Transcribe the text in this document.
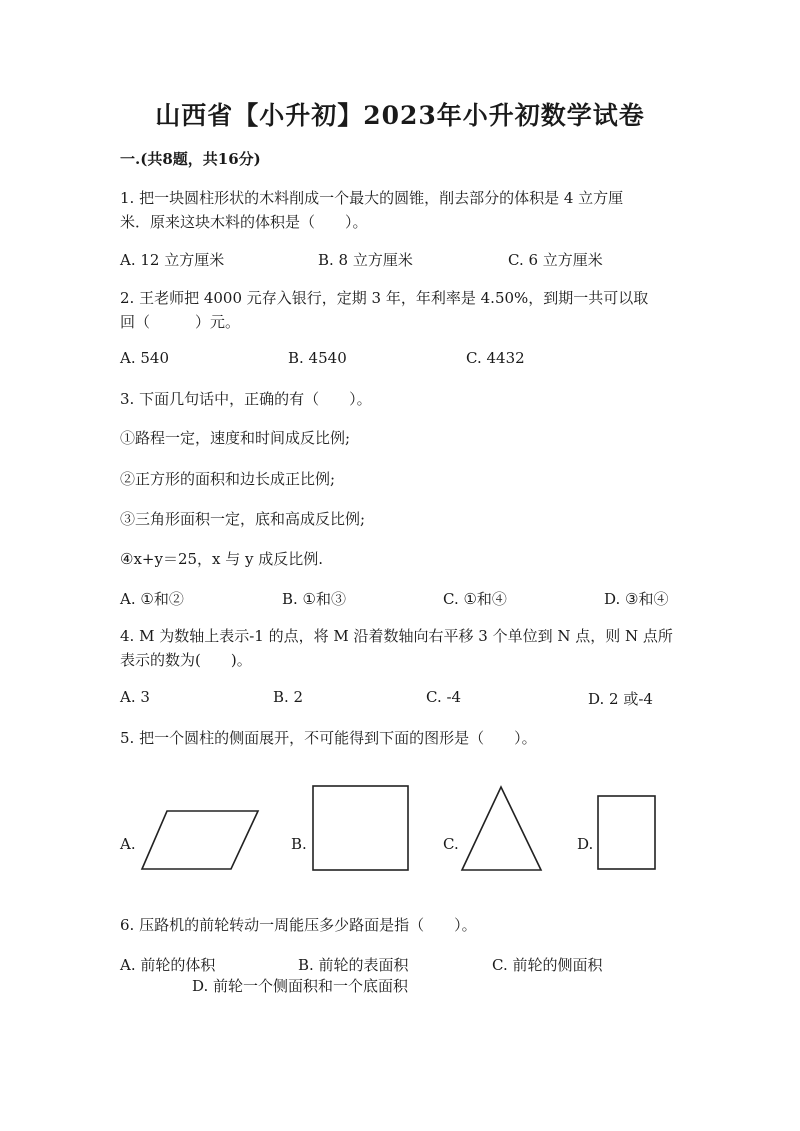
山西省【小升初】2023年小升初数学试卷
一.(共8题，共16分)
1. 把一块圆柱形状的木料削成一个最大的圆锥，削去部分的体积是 4 立方厘
米．原来这块木料的体积是（　　）。
A. 12 立方厘米	B. 8 立方厘米	C. 6 立方厘米
2. 王老师把 4000 元存入银行，定期 3 年，年利率是 4.50%，到期一共可以取
回（　　　）元。
A. 540	B. 4540	C. 4432
3. 下面几句话中，正确的有（　　）。
①路程一定，速度和时间成反比例;
②正方形的面积和边长成正比例;
③三角形面积一定，底和高成反比例;
④x+y＝25，x 与 y 成反比例.
A. ①和②	B. ①和③	C. ①和④	D. ③和④
4. M 为数轴上表示-1 的点，将 M 沿着数轴向右平移 3 个单位到 N 点，则 N 点所
表示的数为(　　)。
A. 3	B. 2	C. -4	D. 2 或-4
5. 把一个圆柱的侧面展开，不可能得到下面的图形是（　　）。
A.	B.	C.	D.
6. 压路机的前轮转动一周能压多少路面是指（　　）。
A. 前轮的体积	B. 前轮的表面积	C. 前轮的侧面积
D. 前轮一个侧面积和一个底面积
